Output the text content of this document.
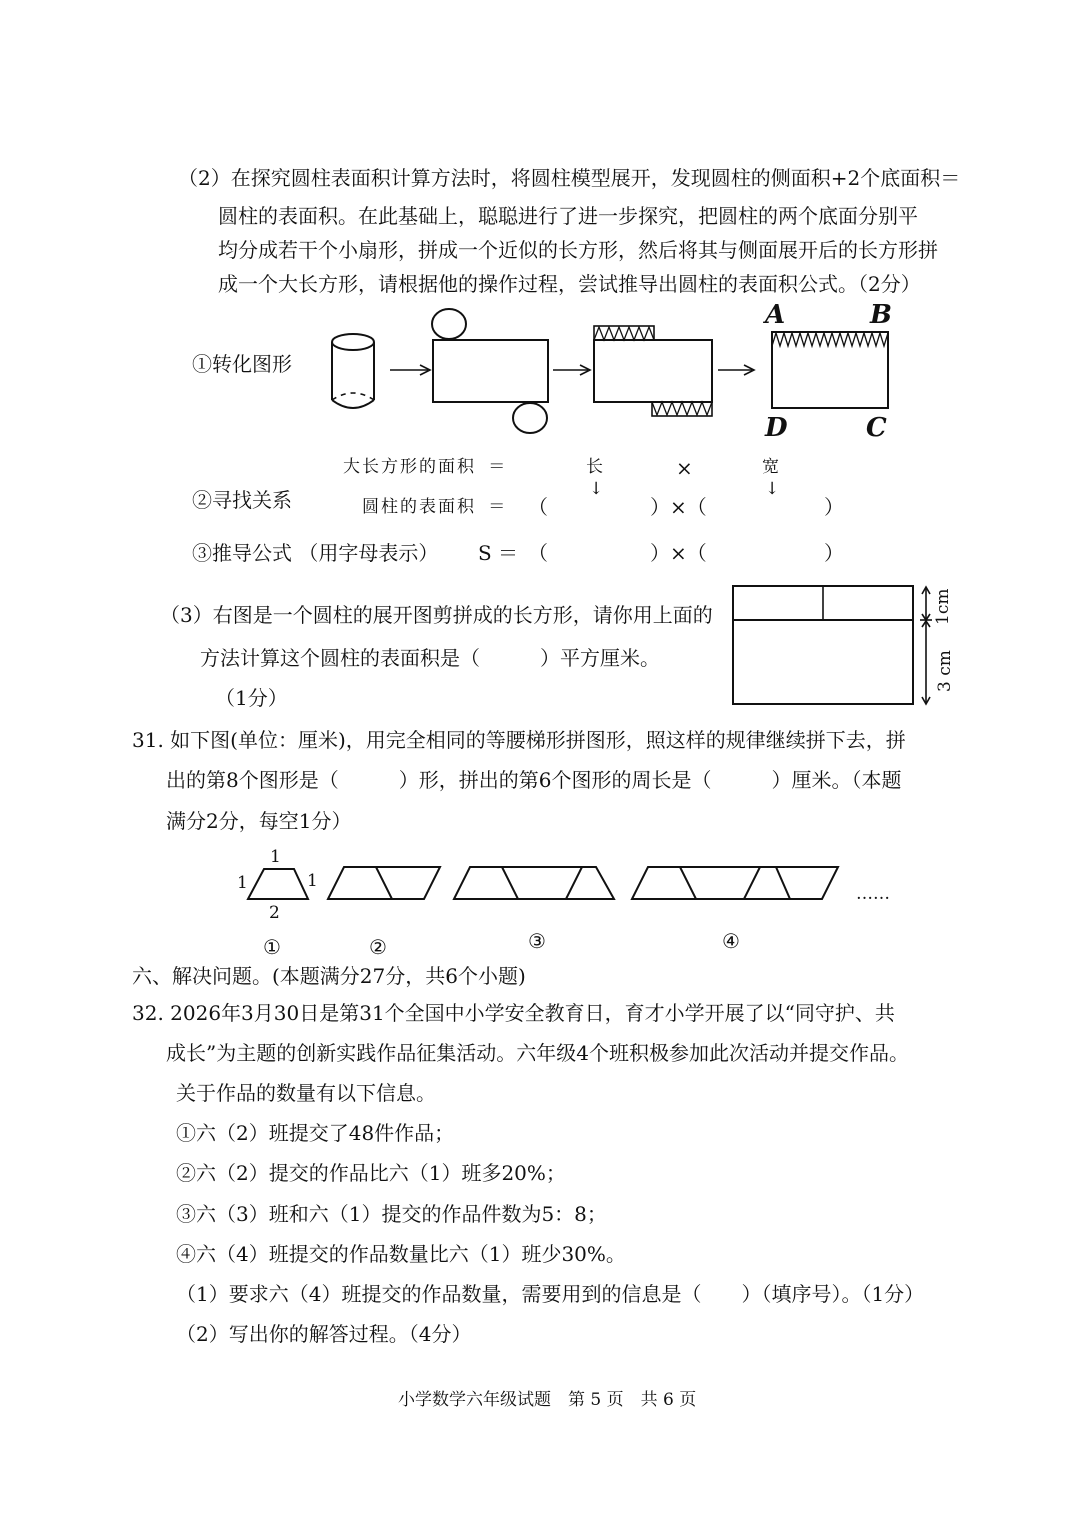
（2）在探究圆柱表面积计算方法时，将圆柱模型展开，发现圆柱的侧面积+2个底面积＝
圆柱的表面积。在此基础上，聪聪进行了进一步探究，把圆柱的两个底面分别平
均分成若干个小扇形，拼成一个近似的长方形，然后将其与侧面展开后的长方形拼
成一个大长方形，请根据他的操作过程，尝试推导出圆柱的表面积公式。（2分）
①转化图形
A	B
D	C
大长方形的面积 ＝	长	×	宽
↓	↓
②寻找关系	圆柱的表面积 ＝ （	）×（	）
③推导公式 （用字母表示） S ＝ （	）×（	）
（3）右图是一个圆柱的展开图剪拼成的长方形，请你用上面的
方法计算这个圆柱的表面积是（　　　）平方厘米。
（1分）
1cm
3 cm
31. 如下图(单位：厘米)，用完全相同的等腰梯形拼图形，照这样的规律继续拼下去，拼
出的第8个图形是（　　　）形，拼出的第6个图形的周长是（　　　）厘米。（本题
满分2分，每空1分）
1
1	1
2
……
①	②	③	④
六、解决问题。(本题满分27分，共6个小题)
32. 2026年3月30日是第31个全国中小学安全教育日，育才小学开展了以“同守护、共
成长”为主题的创新实践作品征集活动。六年级4个班积极参加此次活动并提交作品。
关于作品的数量有以下信息。
①六（2）班提交了48件作品；
②六（2）提交的作品比六（1）班多20%；
③六（3）班和六（1）提交的作品件数为5：8；
④六（4）班提交的作品数量比六（1）班少30%。
（1）要求六（4）班提交的作品数量，需要用到的信息是（　　）（填序号）。（1分）
（2）写出你的解答过程。（4分）
小学数学六年级试题　第 5 页　共 6 页
